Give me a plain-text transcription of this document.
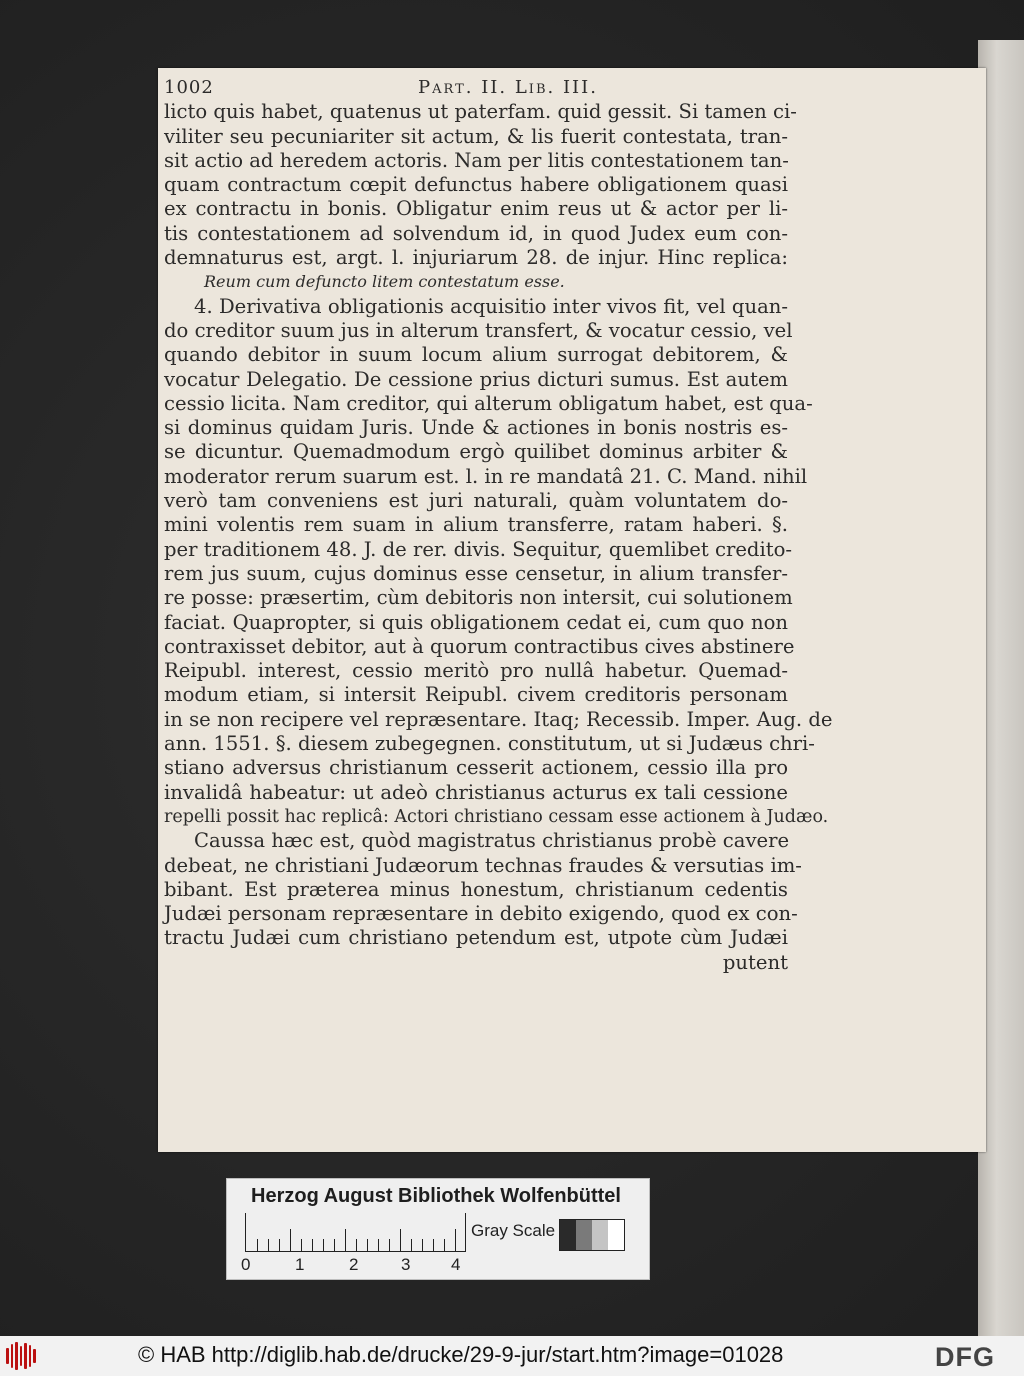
1002	Part. II. Lib. III.
licto quis habet, quatenus ut paterfam. quid gessit. Si tamen ci-
viliter seu pecuniariter sit actum, & lis fuerit contestata, tran-
sit actio ad heredem actoris. Nam per litis contestationem tan-
quam contractum cœpit defunctus habere obligationem quasi
ex contractu in bonis. Obligatur enim reus ut & actor per li-
tis contestationem ad solvendum id, in quod Judex eum con-
demnaturus est, argt. l. injuriarum 28. de injur. Hinc replica:
Reum cum defuncto litem contestatum esse.
4. Derivativa obligationis acquisitio inter vivos fit, vel quan-
do creditor suum jus in alterum transfert, & vocatur cessio, vel
quando debitor in suum locum alium surrogat debitorem, &
vocatur Delegatio. De cessione prius dicturi sumus. Est autem
cessio licita. Nam creditor, qui alterum obligatum habet, est qua-
si dominus quidam Juris. Unde & actiones in bonis nostris es-
se dicuntur. Quemadmodum ergò quilibet dominus arbiter &
moderator rerum suarum est. l. in re mandatâ 21. C. Mand. nihil
verò tam conveniens est juri naturali, quàm voluntatem do-
mini volentis rem suam in alium transferre, ratam haberi. §.
per traditionem 48. J. de rer. divis. Sequitur, quemlibet credito-
rem jus suum, cujus dominus esse censetur, in alium transfer-
re posse: præsertim, cùm debitoris non intersit, cui solutionem
faciat. Quapropter, si quis obligationem cedat ei, cum quo non
contraxisset debitor, aut à quorum contractibus cives abstinere
Reipubl. interest, cessio meritò pro nullâ habetur. Quemad-
modum etiam, si intersit Reipubl. civem creditoris personam
in se non recipere vel repræsentare. Itaq; Recessib. Imper. Aug. de
ann. 1551. §. diesem zubegegnen. constitutum, ut si Judæus chri-
stiano adversus christianum cesserit actionem, cessio illa pro
invalidâ habeatur: ut adeò christianus acturus ex tali cessione
repelli possit hac replicâ: Actori christiano cessam esse actionem à Judæo.
Caussa hæc est, quòd magistratus christianus probè cavere
debeat, ne christiani Judæorum technas fraudes & versutias im-
bibant. Est præterea minus honestum, christianum cedentis
Judæi personam repræsentare in debito exigendo, quod ex con-
tractu Judæi cum christiano petendum est, utpote cùm Judæi
putent
Herzog August Bibliothek Wolfenbüttel
0	1	2	3 4
Gray Scale
© HAB http://diglib.hab.de/drucke/29-9-jur/start.htm?image=01028	DFG
